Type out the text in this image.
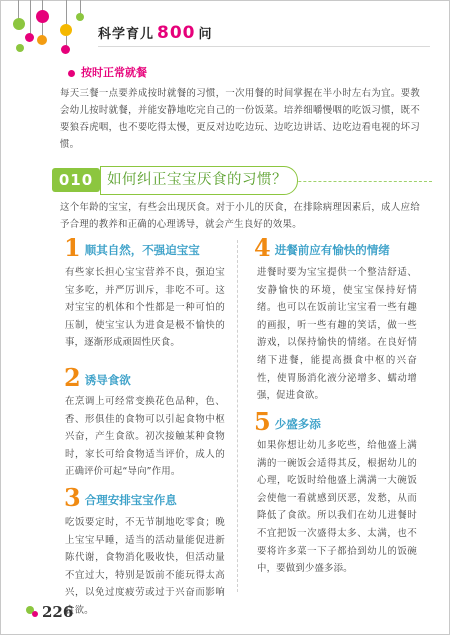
科学育儿 800 问
按时正常就餐
每天三餐一点要养成按时就餐的习惯，一次用餐的时间掌握在半小时左右为宜。要教会幼儿按时就餐，并能安静地吃完自己的一份饭菜。培养细嚼慢咽的吃饭习惯，既不要狼吞虎咽，也不要吃得太慢，更反对边吃边玩、边吃边讲话、边吃边看电视的坏习惯。
010 如何纠正宝宝厌食的习惯？
这个年龄的宝宝，有些会出现厌食。对于小儿的厌食，在排除病理因素后，成人应给予合理的教养和正确的心理诱导，就会产生良好的效果。
1 顺其自然，不强迫宝宝
有些家长担心宝宝营养不良，强迫宝宝多吃，并严厉训斥，非吃不可。这对宝宝的机体和个性都是一种可怕的压制，使宝宝认为进食是极不愉快的事，逐渐形成顽固性厌食。
2 诱导食欲
在烹调上可经常变换花色品种，色、香、形俱佳的食物可以引起食物中枢兴奋，产生食欲。初次接触某种食物时，家长可给食物适当评价，成人的正确评价可起“导向”作用。
3 合理安排宝宝作息
吃饭要定时，不无节制地吃零食；晚上宝宝早睡，适当的活动量能促进新陈代谢，食物消化吸收快，但活动量不宜过大，特别是饭前不能玩得太高兴，以免过度疲劳或过于兴奋而影响食欲。
4 进餐前应有愉快的情绪
进餐时要为宝宝提供一个整洁舒适、安静愉快的环境，使宝宝保持好情绪。也可以在饭前让宝宝看一些有趣的画报，听一些有趣的笑话，做一些游戏，以保持愉快的情绪。在良好情绪下进餐，能提高摄食中枢的兴奋性，使胃肠消化液分泌增多、蠕动增强，促进食欲。
5 少盛多添
如果你想让幼儿多吃些，给他盛上满满的一碗饭会适得其反，根据幼儿的心理，吃饭时给他盛上满满一大碗饭会使他一看就感到厌恶，发愁，从而降低了食欲。所以我们在幼儿进餐时不宜把饭一次盛得太多、太满，也不要将许多菜一下子都拾到幼儿的饭碗中，要做到少盛多添。
226
